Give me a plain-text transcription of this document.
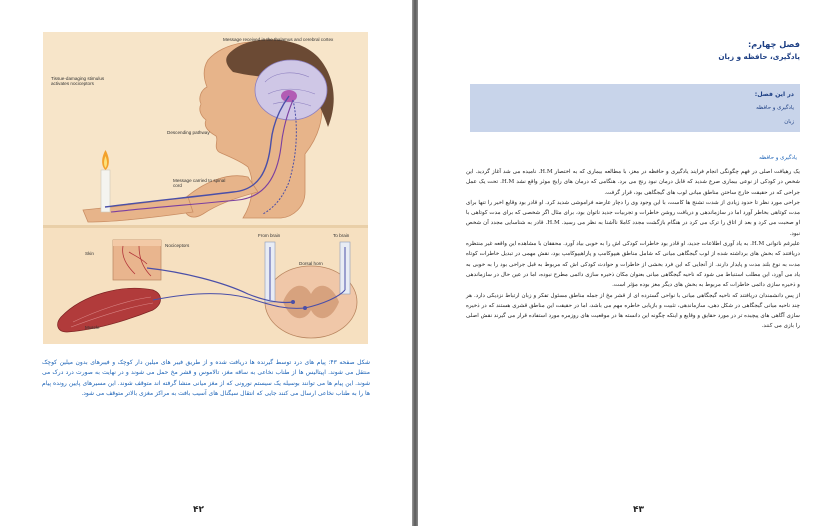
Message received in the thalamus and cerebral cortex
Tissue-damaging stimulus activates nociceptors
Descending pathway
Message carried to spinal cord
Skin
Nociceptors
From brain	To brain
Dorsal horn
Muscle
شکل صفحه ۴۳: پیام های درد توسط گیرنده ها دریافت شده و از طریق فیبر های میلین دار کوچک و فیبرهای بدون میلین کوچک منتقل می شوند. اپیتالیس ها از طناب نخاعی به ساقه مغز، تالاموس و قشر مخ حمل می شوند و در نهایت به صورت درد درک می شوند. این پیام ها می توانند بوسیله یک سیستم نورونی که از مغز میانی منشا گرفته اند متوقف شوند. این مسیرهای پایین رونده پیام ها را به طناب نخاعی ارسال می کنند جایی که انتقال سیگنال های آسیب بافت به مراکز مغزی بالاتر متوقف می شود.
۴۲
فصل چهارم:
یادگیری، حافظه و زبان
در این فصل:
یادگیری و حافظه
زبان
یادگیری و حافظه

یک رهیافت اصلی در فهم چگونگی انجام فرایند یادگیری و حافظه در مغز، با مطالعه بیماری که به اختصار H.M. نامیده می شد آغاز گردید. این شخص در کودکی از نوعی بیماری صرع شدید که قابل درمان نبود رنج می برد. هنگامی که درمان های رایج موثر واقع نشد H.M. تحت یک عمل جراحی که در حقیقت خارج ساختن مناطق میانی لوب های گیجگاهی بود، قرار گرفت.

جراحی مورد نظر تا حدود زیادی از شدت تشنج ها کاست، با این وجود وی را دچار عارضه فراموشی شدید کرد. او قادر بود وقایع اخیر را تنها برای مدت کوتاهی بخاطر آورد اما در سازماندهی و دریافت روشن خاطرات و تجربیات جدید ناتوان بود، برای مثال اگر شخصی که برای مدت کوتاهی با او صحبت می کرد و بعد از اتاق را ترک می کرد در هنگام بازگشت مجدد کاملا ناآشنا به نظر می رسید. H.M. قادر به شناسایی مجدد آن شخص نبود.

علیرغم ناتوانی H.M. به یاد آوری اطلاعات جدید، او قادر بود خاطرات کودکی اش را به خوبی بیاد آورد. محققان با مشاهده این واقعه غیر منتظره دریافتند که بخش های برداشته شده از لوب گیجگاهی میانی که شامل مناطق هیپوکامپ و پاراهیپوکامپ بود، نقش مهمی در تبدیل خاطرات کوتاه مدت به نوع بلند مدت و پایدار دارند. از آنجایی که این فرد بخشی از خاطرات و حوادث کودکی اش که مربوط به قبل جراحی بود را به خوبی به یاد می آورد، این مطلب استنباط می شود که ناحیه گیجگاهی میانی بعنوان مکان ذخیره سازی دائمی مطرح نبوده، اما در عین حال در سازماندهی و ذخیره سازی دائمی خاطرات که مربوط به بخش های دیگر مغز بوده مؤثر است.

از پس دانشمندان دریافتند که ناحیه گیجگاهی میانی با نواحی گسترده ای از قشر مخ از جمله مناطق مسئول تفکر و زبان ارتباط نزدیکی دارد. هر چند ناحیه میانی گیجگاهی در شکل دهی، سازماندهی، تثبیت و بازیابی خاطره مهم می باشد، اما در حقیقت این مناطق قشری هستند که در ذخیره سازی آگاهی های پیچیده تر در مورد حقایق و وقایع و اینکه چگونه این دانسته ها در موقعیت های روزمره مورد استفاده قرار می گیرند نقش اصلی را بازی می کنند.

۴۳
